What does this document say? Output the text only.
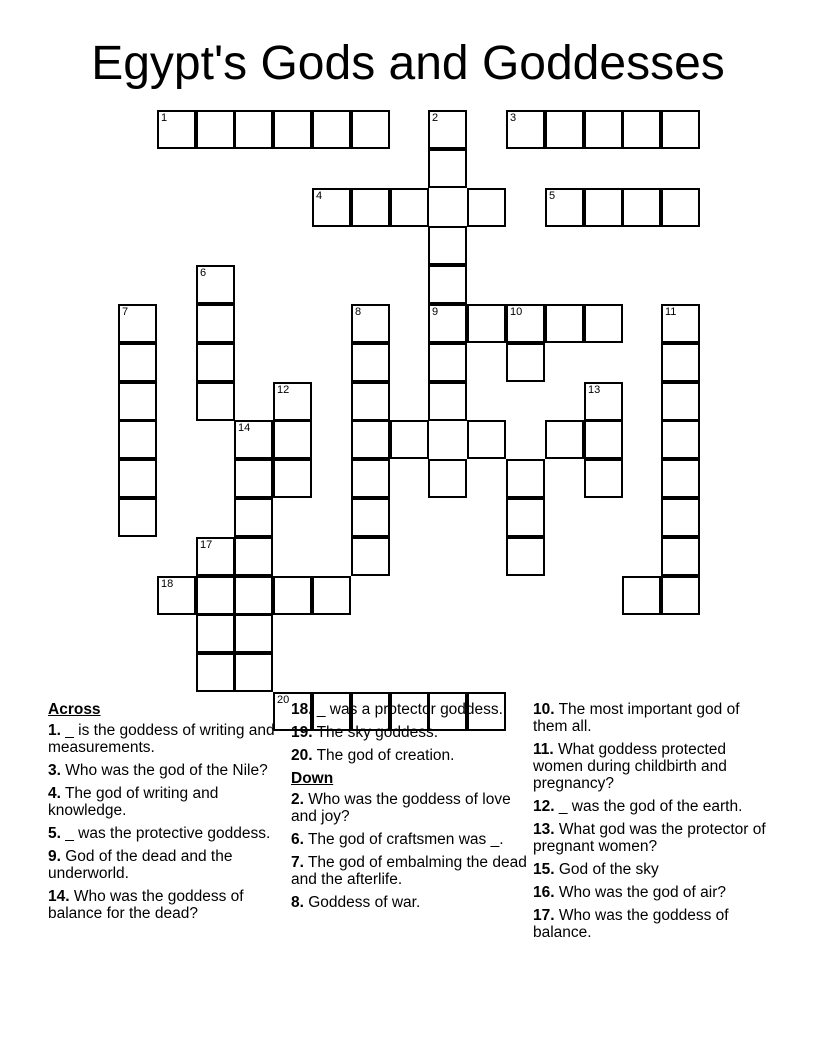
Egypt's Gods and Goddesses
1	2
9
3
4	5
6
7	8	10	11
12	13
14
17
18
20
Across
1. _ is the goddess of writing and measurements.
3. Who was the god of the Nile?
4. The god of writing and knowledge.
5. _ was the protective goddess.
9. God of the dead and the underworld.
14. Who was the goddess of balance for the dead?
18. _ was a protector goddess.
19. The sky goddess.
20. The god of creation.
Down
2. Who was the goddess of love and joy?
6. The god of craftsmen was _.
7. The god of embalming the dead and the afterlife.
8. Goddess of war.
10. The most important god of them all.
11. What goddess protected women during childbirth and pregnancy?
12. _ was the god of the earth.
13. What god was the protector of pregnant women?
15. God of the sky
16. Who was the god of air?
17. Who was the goddess of balance.
